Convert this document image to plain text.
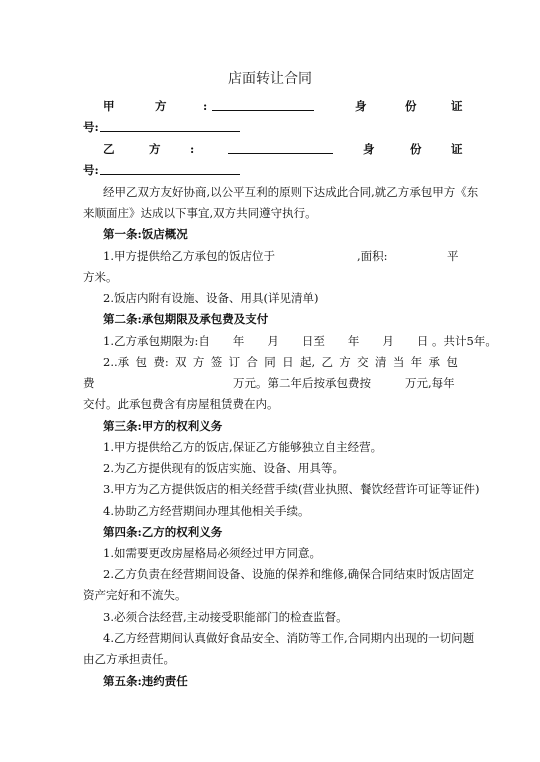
店面转让合同
甲	方	:	身	份	证
号:
乙	方	:	身	份	证
号:
经甲乙双方友好协商,以公平互利的原则下达成此合同,就乙方承包甲方《东
来顺面庄》达成以下事宜,双方共同遵守执行。
第一条:饭店概况
1.甲方提供给乙方承包的饭店位于	,面积:	平
方米。
2.饭店内附有设施、设备、用具(详见清单)
第二条:承包期限及承包费及支付
1.乙方承包期限为:自　　年　　月　　日至　　年　　月　　日 。共计5年。
2..承 包 费: 双 方 签 订 合 同 日 起, 乙 方 交 清 当 年 承 包
费	万元。第二年后按承包费按	万元,每年
交付。此承包费含有房屋租赁费在内。
第三条:甲方的权利义务
1.甲方提供给乙方的饭店,保证乙方能够独立自主经营。
2.为乙方提供现有的饭店实施、设备、用具等。
3.甲方为乙方提供饭店的相关经营手续(营业执照、餐饮经营许可证等证件)
4.协助乙方经营期间办理其他相关手续。
第四条:乙方的权利义务
1.如需要更改房屋格局必须经过甲方同意。
2.乙方负责在经营期间设备、设施的保养和维修,确保合同结束时饭店固定
资产完好和不流失。
3.必须合法经营,主动接受职能部门的检查监督。
4.乙方经营期间认真做好食品安全、消防等工作,合同期内出现的一切问题
由乙方承担责任。
第五条:违约责任
